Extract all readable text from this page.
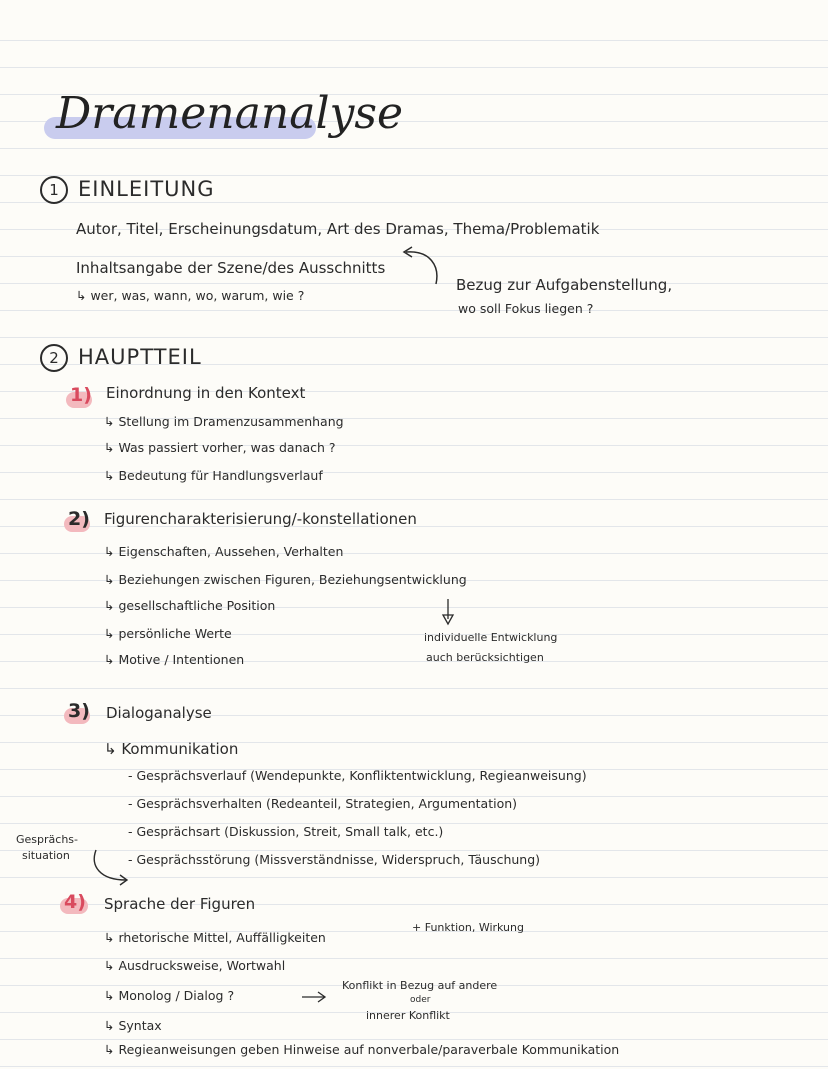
Dramenanalyse
1 EINLEITUNG
Autor, Titel, Erscheinungsdatum, Art des Dramas, Thema/Problematik
Inhaltsangabe der Szene/des Ausschnitts
↳ wer, was, wann, wo, warum, wie ?
Bezug zur Aufgabenstellung,
wo soll Fokus liegen ?
2 HAUPTTEIL
1) Einordnung in den Kontext
↳ Stellung im Dramenzusammenhang
↳ Was passiert vorher, was danach ?
↳ Bedeutung für Handlungsverlauf
2) Figurencharakterisierung/-konstellationen
↳ Eigenschaften, Aussehen, Verhalten
↳ Beziehungen zwischen Figuren, Beziehungsentwicklung
↳ gesellschaftliche Position
↳ persönliche Werte
↳ Motive / Intentionen
individuelle Entwicklung
auch berücksichtigen
3) Dialoganalyse
↳ Kommunikation
- Gesprächsverlauf (Wendepunkte, Konfliktentwicklung, Regieanweisung)
- Gesprächsverhalten (Redeanteil, Strategien, Argumentation)
- Gesprächsart (Diskussion, Streit, Small talk, etc.)
- Gesprächsstörung (Missverständnisse, Widerspruch, Täuschung)
Gesprächs-
situation
4) Sprache der Figuren
↳ rhetorische Mittel, Auffälligkeiten
↳ Ausdrucksweise, Wortwahl
↳ Monolog / Dialog ?
↳ Syntax
↳ Regieanweisungen geben Hinweise auf nonverbale/paraverbale Kommunikation
+ Funktion, Wirkung
Konflikt in Bezug auf andere
oder
innerer Konflikt
